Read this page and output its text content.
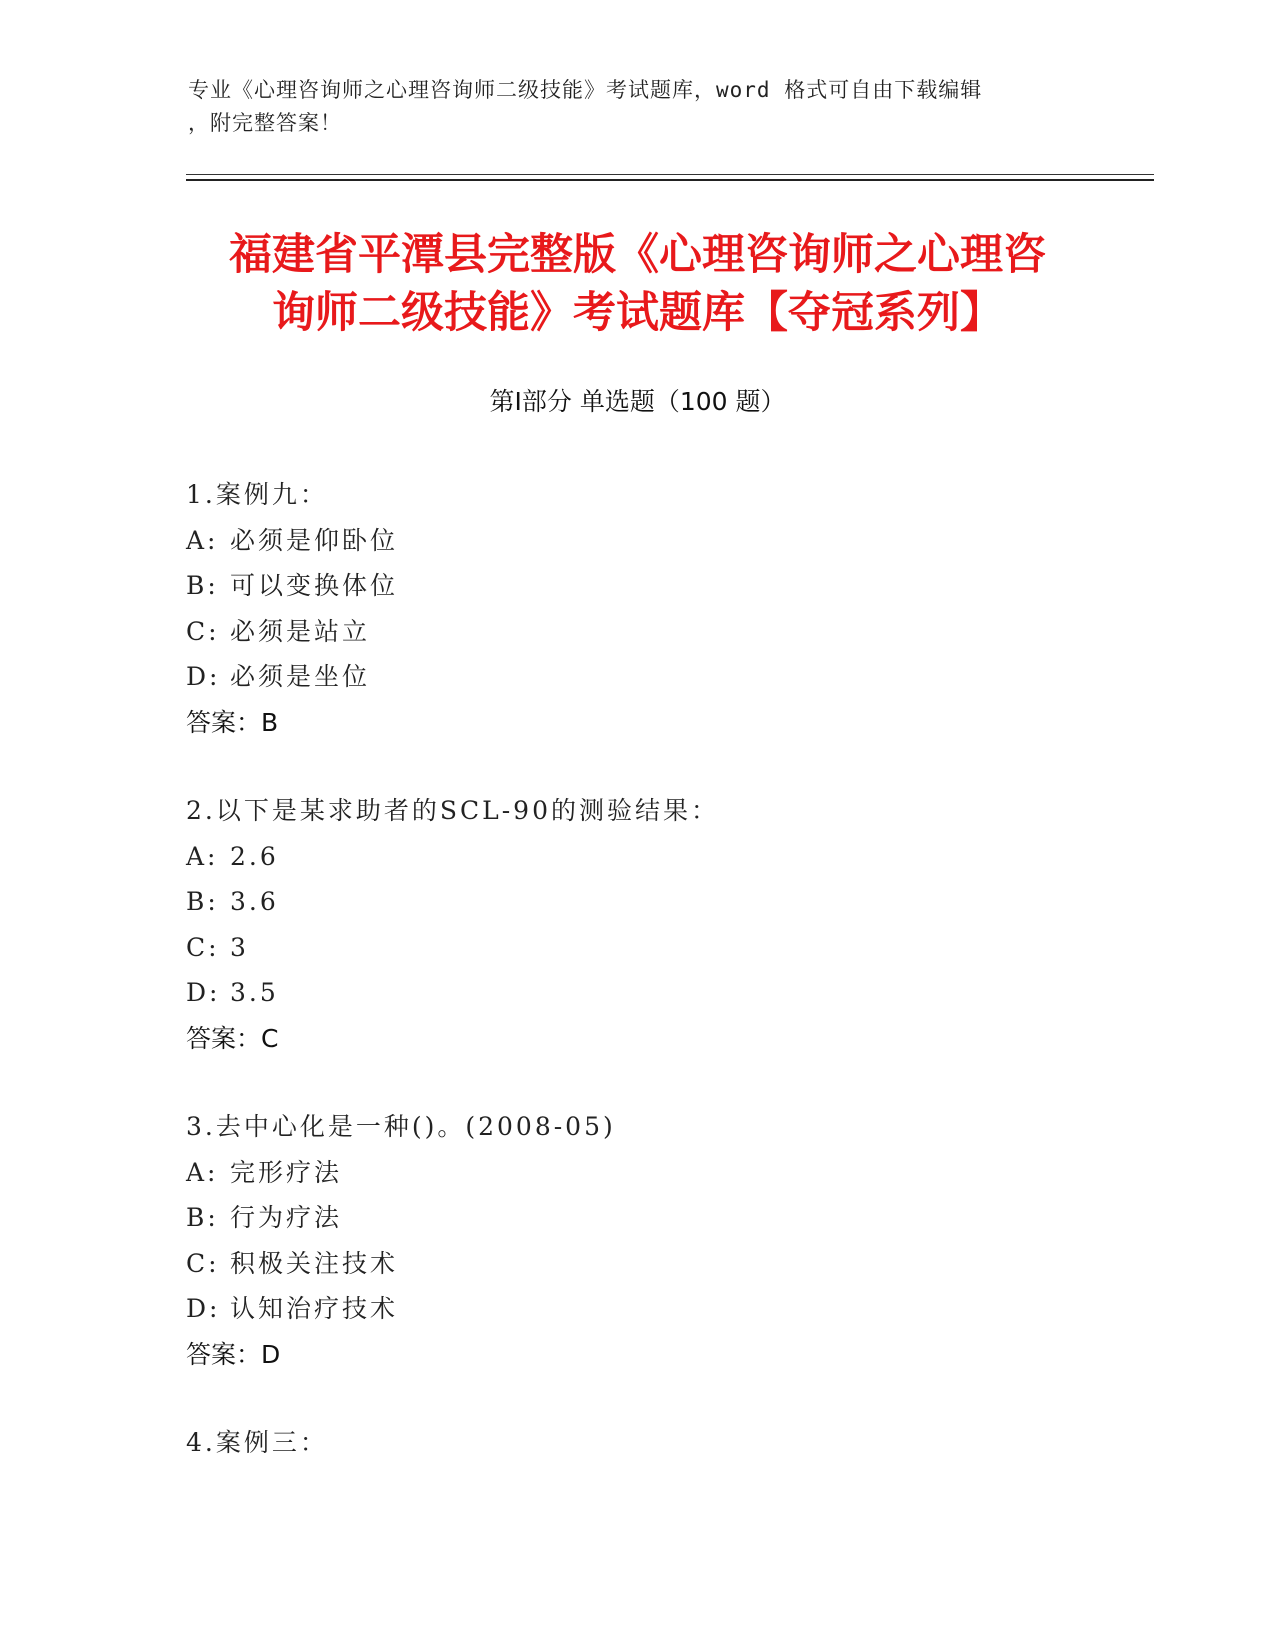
专业《心理咨询师之心理咨询师二级技能》考试题库，word 格式可自由下载编辑
，附完整答案！
福建省平潭县完整版《心理咨询师之心理咨
询师二级技能》考试题库【夺冠系列】
第Ⅰ部分 单选题（100 题）
1.案例九：
A: 必须是仰卧位
B: 可以变换体位
C: 必须是站立
D: 必须是坐位
答案：B
2.以下是某求助者的SCL-90的测验结果：
A: 2.6
B: 3.6
C: 3
D: 3.5
答案：C
3.去中心化是一种()。(2008-05)
A: 完形疗法
B: 行为疗法
C: 积极关注技术
D: 认知治疗技术
答案：D
4.案例三：
